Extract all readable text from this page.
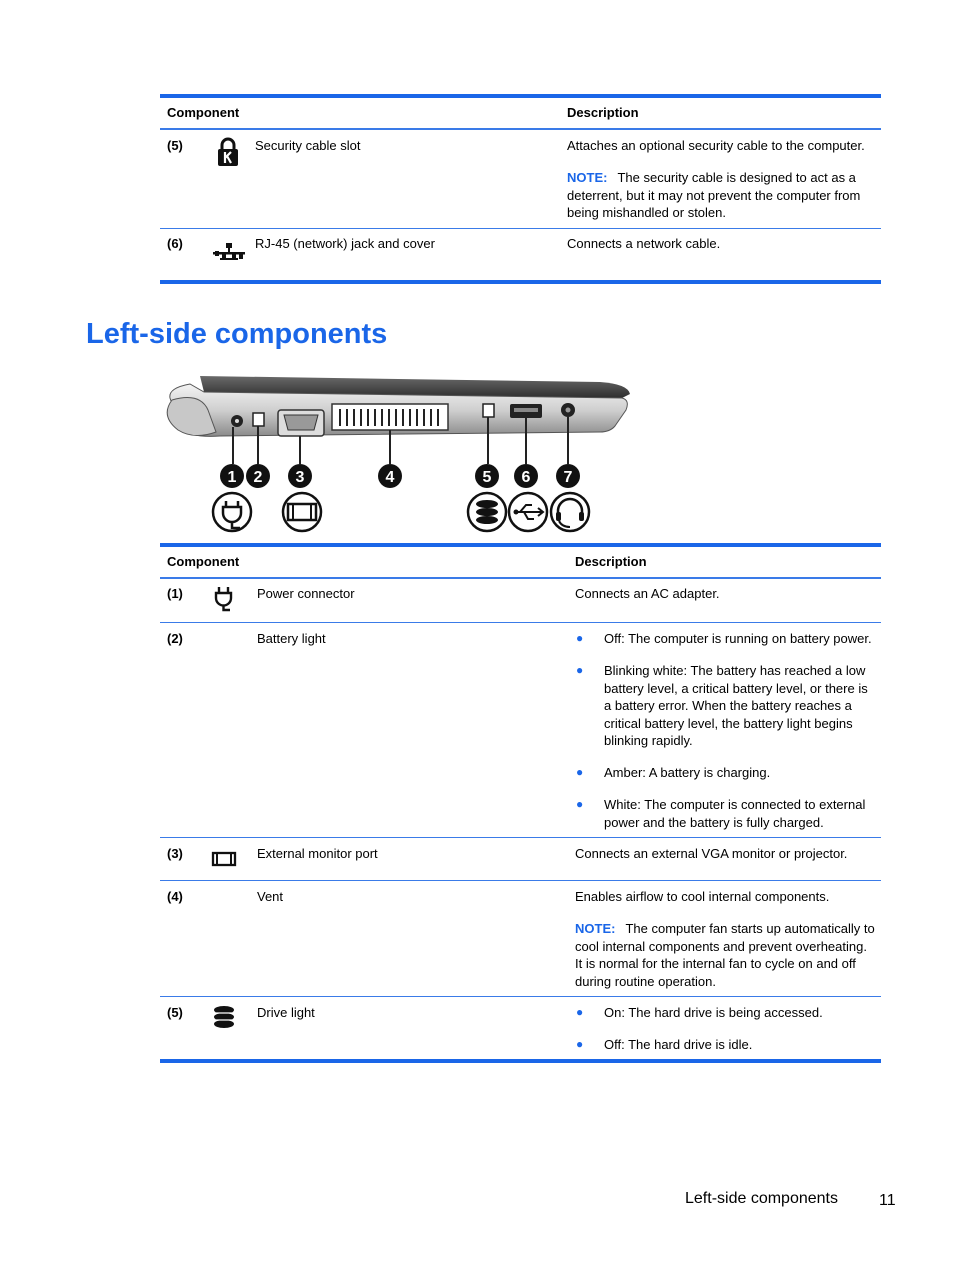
Component	Description
(5)	Security cable slot	Attaches an optional security cable to the computer.
NOTE: The security cable is designed to act as a deterrent, but it may not prevent the computer from being mishandled or stolen.
(6)	RJ-45 (network) jack and cover	Connects a network cable.
Left-side components
1 2 3	4	5 6 7
Component	Description
(1)	Power connector	Connects an AC adapter.
(2)	Battery light	● Off: The computer is running on battery power.
● Blinking white: The battery has reached a low battery level, a critical battery level, or there is a battery error. When the battery reaches a critical battery level, the battery light begins blinking rapidly.
● Amber: A battery is charging.
● White: The computer is connected to external power and the battery is fully charged.
(3)	External monitor port	Connects an external VGA monitor or projector.
(4)	Vent	Enables airflow to cool internal components.
NOTE: The computer fan starts up automatically to cool internal components and prevent overheating. It is normal for the internal fan to cycle on and off during routine operation.
(5)	Drive light	● On: The hard drive is being accessed.
● Off: The hard drive is idle.
Left-side components	11
